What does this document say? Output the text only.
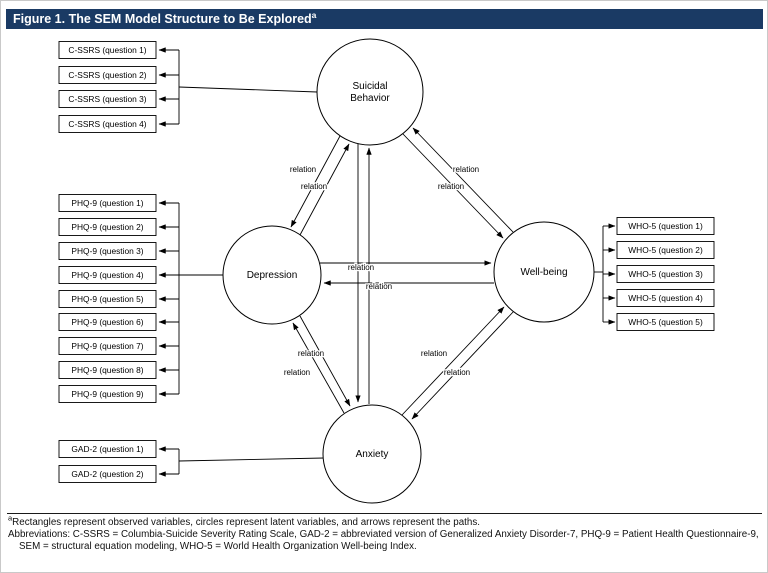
Figure 1. The SEM Model Structure to Be Explored$^a$
Suicidal
Behavior
Depression	Well-being
Anxiety
C-SSRS (question 1)
C-SSRS (question 2)
C-SSRS (question 3)
C-SSRS (question 4)
PHQ-9 (question 1)
PHQ-9 (question 2)
PHQ-9 (question 3)
PHQ-9 (question 4)
PHQ-9 (question 5)
PHQ-9 (question 6)
PHQ-9 (question 7)
PHQ-9 (question 8)
PHQ-9 (question 9)
GAD-2 (question 1)
GAD-2 (question 2)
WHO-5 (question 1)
WHO-5 (question 2)
WHO-5 (question 3)
WHO-5 (question 4)
WHO-5 (question 5)
relation
relation
relation
relation
relation
relation
relation
relation
relation
relation

$^a$Rectangles represent observed variables, circles represent latent variables, and arrows represent the paths.

Abbreviations: C-SSRS = Columbia-Suicide Severity Rating Scale, GAD-2 = abbreviated version of Generalized Anxiety Disorder-7, PHQ-9 = Patient Health Questionnaire-9, SEM = structural equation modeling, WHO-5 = World Health Organization Well-being Index.
